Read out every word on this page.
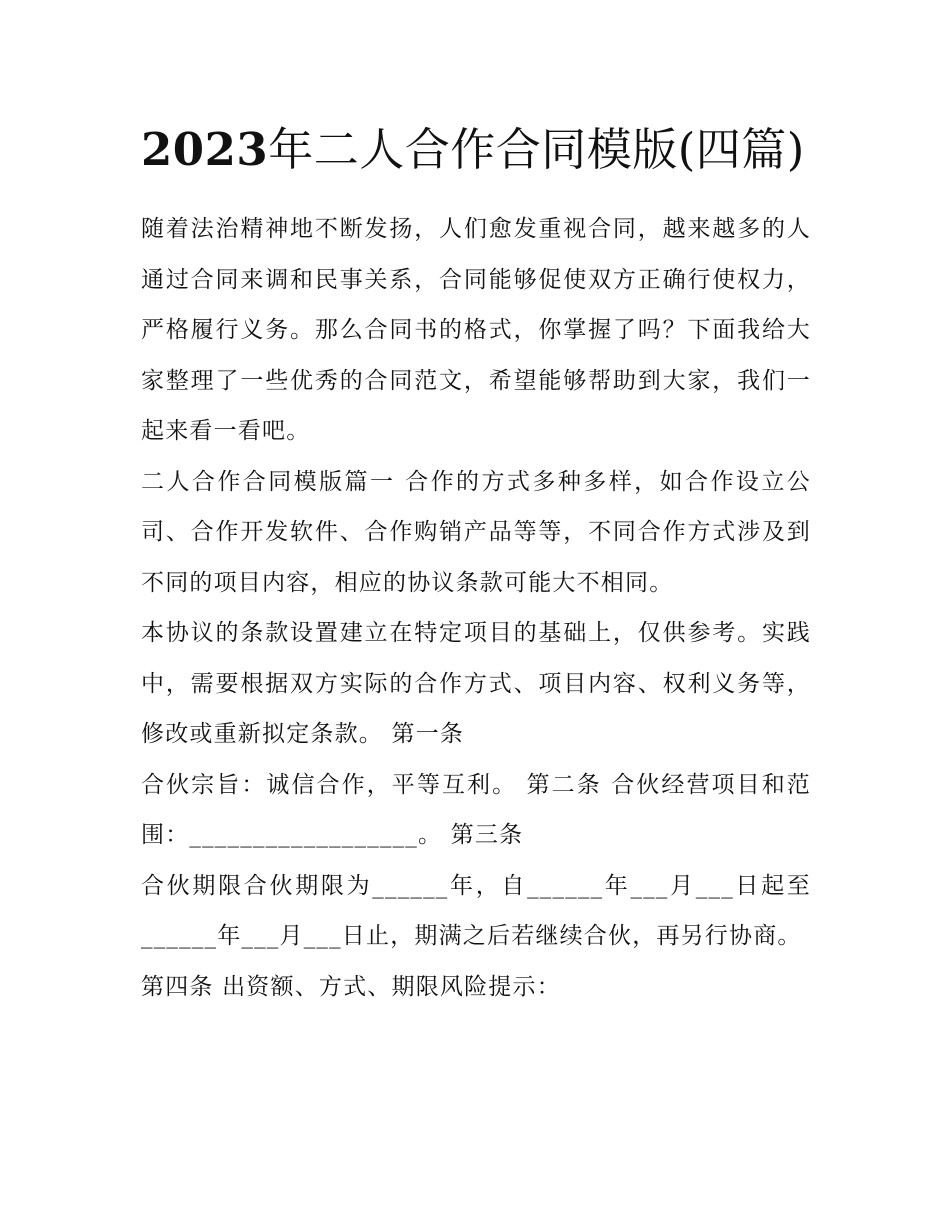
2023年二人合作合同模版(四篇)

随着法治精神地不断发扬，人们愈发重视合同，越来越多的人通过合同来调和民事关系，合同能够促使双方正确行使权力，严格履行义务。那么合同书的格式，你掌握了吗？下面我给大家整理了一些优秀的合同范文，希望能够帮助到大家，我们一起来看一看吧。

二人合作合同模版篇一 合作的方式多种多样，如合作设立公司、合作开发软件、合作购销产品等等，不同合作方式涉及到不同的项目内容，相应的协议条款可能大不相同。

本协议的条款设置建立在特定项目的基础上，仅供参考。实践中，需要根据双方实际的合作方式、项目内容、权利义务等，修改或重新拟定条款。 第一条

合伙宗旨：诚信合作，平等互利。 第二条 合伙经营项目和范围：__________________。 第三条

合伙期限合伙期限为______年，自______年___月___日起至______年___月___日止，期满之后若继续合伙，再另行协商。

第四条 出资额、方式、期限风险提示：
